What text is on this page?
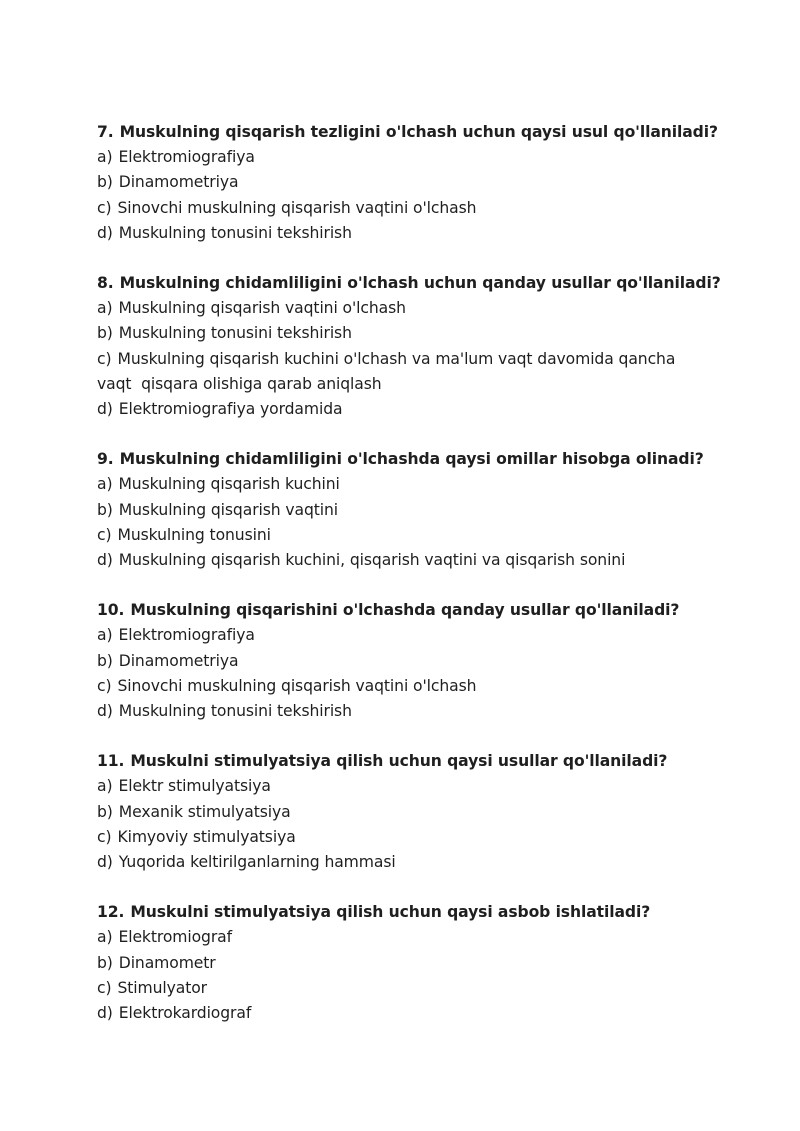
7. Muskulning qisqarish tezligini o'lchash uchun qaysi usul qo'llaniladi?

a) Elektromiografiya

b) Dinamometriya

c) Sinovchi muskulning qisqarish vaqtini o'lchash

d) Muskulning tonusini tekshirish

8. Muskulning chidamliligini o'lchash uchun qanday usullar qo'llaniladi?

a) Muskulning qisqarish vaqtini o'lchash

b) Muskulning tonusini tekshirish

c) Muskulning qisqarish kuchini o'lchash va ma'lum vaqt davomida qancha

vaqt  qisqara olishiga qarab aniqlash

d) Elektromiografiya yordamida

9. Muskulning chidamliligini o'lchashda qaysi omillar hisobga olinadi?

a) Muskulning qisqarish kuchini

b) Muskulning qisqarish vaqtini

c) Muskulning tonusini

d) Muskulning qisqarish kuchini, qisqarish vaqtini va qisqarish sonini

10. Muskulning qisqarishini o'lchashda qanday usullar qo'llaniladi?

a) Elektromiografiya

b) Dinamometriya

c) Sinovchi muskulning qisqarish vaqtini o'lchash

d) Muskulning tonusini tekshirish

11. Muskulni stimulyatsiya qilish uchun qaysi usullar qo'llaniladi?

a) Elektr stimulyatsiya

b) Mexanik stimulyatsiya

c) Kimyoviy stimulyatsiya

d) Yuqorida keltirilganlarning hammasi

12. Muskulni stimulyatsiya qilish uchun qaysi asbob ishlatiladi?

a) Elektromiograf

b) Dinamometr

c) Stimulyator

d) Elektrokardiograf
